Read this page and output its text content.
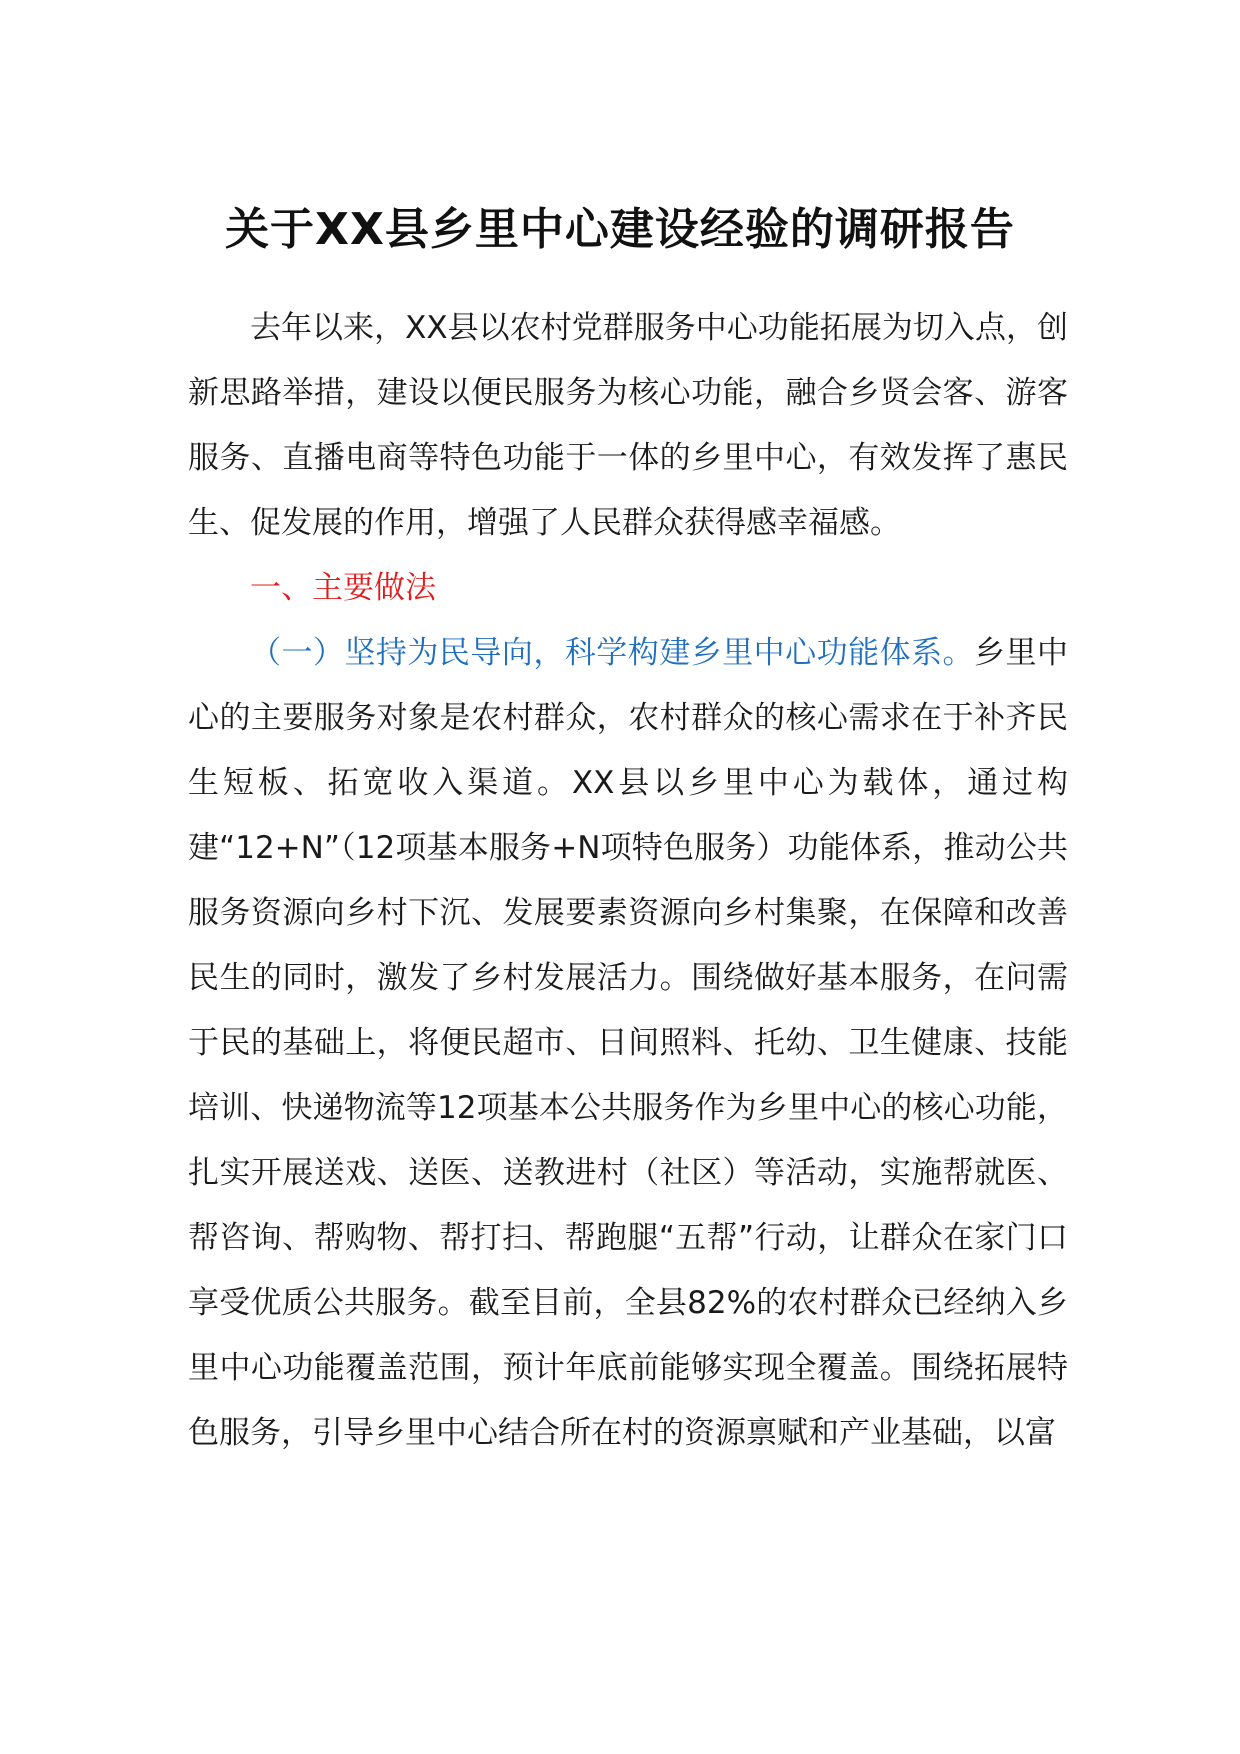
关于XX县乡里中心建设经验的调研报告

去年以来，XX县以农村党群服务中心功能拓展为切入点，创新思路举措，建设以便民服务为核心功能，融合乡贤会客、游客服务、直播电商等特色功能于一体的乡里中心，有效发挥了惠民生、促发展的作用，增强了人民群众获得感幸福感。

一、主要做法

（一）坚持为民导向，科学构建乡里中心功能体系。乡里中心的主要服务对象是农村群众，农村群众的核心需求在于补齐民生短板、拓宽收入渠道。XX县以乡里中心为载体，通过构建“12+N”（12项基本服务+N项特色服务）功能体系，推动公共服务资源向乡村下沉、发展要素资源向乡村集聚，在保障和改善民生的同时，激发了乡村发展活力。围绕做好基本服务，在问需于民的基础上，将便民超市、日间照料、托幼、卫生健康、技能培训、快递物流等12项基本公共服务作为乡里中心的核心功能，扎实开展送戏、送医、送教进村（社区）等活动，实施帮就医、帮咨询、帮购物、帮打扫、帮跑腿“五帮”行动，让群众在家门口享受优质公共服务。截至目前，全县82%的农村群众已经纳入乡里中心功能覆盖范围，预计年底前能够实现全覆盖。围绕拓展特色服务，引导乡里中心结合所在村的资源禀赋和产业基础，以富
